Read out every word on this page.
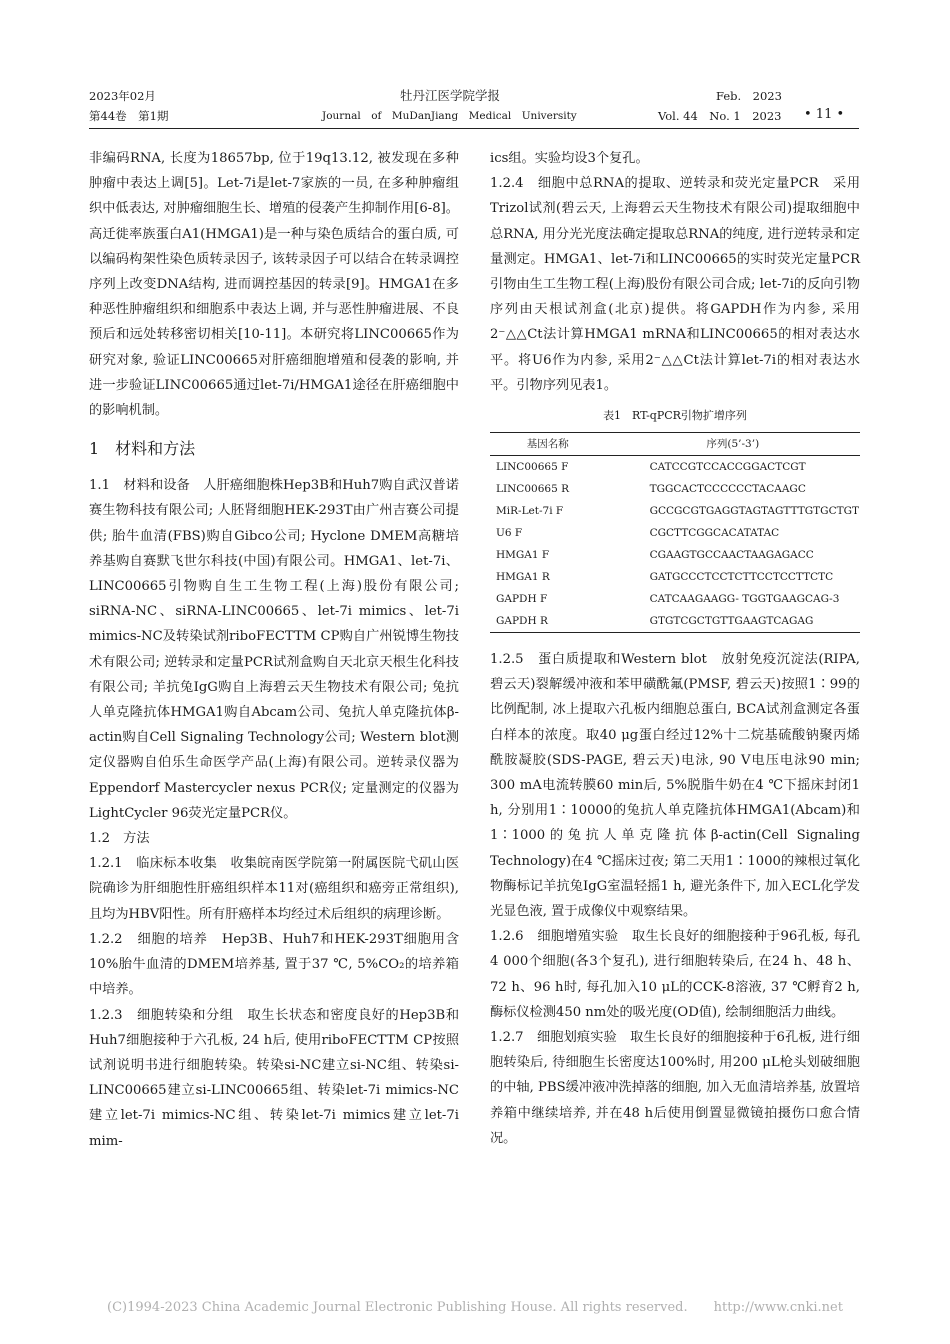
2023年02月
第44卷　第1期
牡丹江医学院学报
Journal　of　MuDanJiang　Medical　University
Feb.　2023
Vol. 44　No. 1　2023 • 11 •

非编码RNA, 长度为18657bp, 位于19q13.12, 被发现在多种肿瘤中表达上调[5]。Let-7i是let-7家族的一员, 在多种肿瘤组织中低表达, 对肿瘤细胞生长、增殖的侵袭产生抑制作用[6-8]。高迁徙率族蛋白A1(HMGA1)是一种与染色质结合的蛋白质, 可以编码构架性染色质转录因子, 该转录因子可以结合在转录调控序列上改变DNA结构, 进而调控基因的转录[9]。HMGA1在多种恶性肿瘤组织和细胞系中表达上调, 并与恶性肿瘤进展、不良预后和远处转移密切相关[10-11]。本研究将LINC00665作为研究对象, 验证LINC00665对肝癌细胞增殖和侵袭的影响, 并进一步验证LINC00665通过let-7i/HMGA1途径在肝癌细胞中的影响机制。

1　材料和方法

1.1　材料和设备　 人肝癌细胞株Hep3B和Huh7购自武汉普诺赛生物科技有限公司; 人胚肾细胞HEK-293T由广州吉赛公司提供; 胎牛血清(FBS)购自Gibco公司; Hyclone DMEM高糖培养基购自赛默飞世尔科技(中国)有限公司。HMGA1、let-7i、LINC00665引物购自生工生物工程(上海)股份有限公司; siRNA-NC、siRNA-LINC00665、let-7i mimics、let-7i mimics-NC及转染试剂riboFECTTM CP购自广州锐博生物技术有限公司; 逆转录和定量PCR试剂盒购自天北京天根生化科技有限公司; 羊抗兔IgG购自上海碧云天生物技术有限公司; 兔抗人单克隆抗体HMGA1购自Abcam公司、兔抗人单克隆抗体β-actin购自Cell Signaling Technology公司; Western blot测定仪器购自伯乐生命医学产品(上海)有限公司。逆转录仪器为Eppendorf Mastercycler nexus PCR仪; 定量测定的仪器为LightCycler 96荧光定量PCR仪。

1.2　方法

1.2.1　临床标本收集　 收集皖南医学院第一附属医院弋矶山医院确诊为肝细胞性肝癌组织样本11对(癌组织和癌旁正常组织), 且均为HBV阳性。所有肝癌样本均经过术后组织的病理诊断。

1.2.2　细胞的培养　 Hep3B、Huh7和HEK-293T细胞用含10%胎牛血清的DMEM培养基, 置于37 ℃, 5%CO₂的培养箱中培养。

1.2.3　细胞转染和分组　 取生长状态和密度良好的Hep3B和Huh7细胞接种于六孔板, 24 h后, 使用riboFECTTM CP按照试剂说明书进行细胞转染。转染si-NC建立si-NC组、转染si-LINC00665建立si-LINC00665组、转染let-7i mimics-NC建立let-7i mimics-NC组、转染let-7i mimics建立let-7i mim-

ics组。实验均设3个复孔。

1.2.4　细胞中总RNA的提取、逆转录和荧光定量PCR　 采用Trizol试剂(碧云天, 上海碧云天生物技术有限公司)提取细胞中总RNA, 用分光光度法确定提取总RNA的纯度, 进行逆转录和定量测定。HMGA1、let-7i和LINC00665的实时荧光定量PCR引物由生工生物工程(上海)股份有限公司合成; let-7i的反向引物序列由天根试剂盒(北京)提供。将GAPDH作为内参, 采用2⁻△△Ct法计算HMGA1 mRNA和LINC00665的相对表达水平。将U6作为内参, 采用2⁻△△Ct法计算let-7i的相对表达水平。引物序列见表1。

表1　RT-qPCR引物扩增序列
基因名称	序列(5’-3’)
LINC00665 F	CATCCGTCCACCGGACTCGT
LINC00665 R	TGGCACTCCCCCCTACAAGC
MiR-Let-7i F	GCCGCGTGAGGTAGTAGTTTGTGCTGT
U6 F	CGCTTCGGCACATATAC
HMGA1 F	CGAAGTGCCAACTAAGAGACC
HMGA1 R	GATGCCCTCCTCTTCCTCCTTCTC
GAPDH F	CATCAAGAAGG- TGGTGAAGCAG-3
GAPDH R	GTGTCGCTGTTGAAGTCAGAG

1.2.5　蛋白质提取和Western blot　 放射免疫沉淀法(RIPA, 碧云天)裂解缓冲液和苯甲磺酰氟(PMSF, 碧云天)按照1∶99的比例配制, 冰上提取六孔板内细胞总蛋白, BCA试剂盒测定各蛋白样本的浓度。取40 μg蛋白经过12%十二烷基硫酸钠聚丙烯酰胺凝胶(SDS-PAGE, 碧云天)电泳, 90 V电压电泳90 min; 300 mA电流转膜60 min后, 5%脱脂牛奶在4 ℃下摇床封闭1 h, 分别用1∶10000的兔抗人单克隆抗体HMGA1(Abcam)和1∶1000的兔抗人单克隆抗体β-actin(Cell Signaling Technology)在4 ℃摇床过夜; 第二天用1∶1000的辣根过氧化物酶标记羊抗兔IgG室温轻摇1 h, 避光条件下, 加入ECL化学发光显色液, 置于成像仪中观察结果。

1.2.6　细胞增殖实验　 取生长良好的细胞接种于96孔板, 每孔4 000个细胞(各3个复孔), 进行细胞转染后, 在24 h、48 h、72 h、96 h时, 每孔加入10 μL的CCK-8溶液, 37 ℃孵育2 h, 酶标仪检测450 nm处的吸光度(OD值), 绘制细胞活力曲线。

1.2.7　细胞划痕实验　 取生长良好的细胞接种于6孔板, 进行细胞转染后, 待细胞生长密度达100%时, 用200 μL枪头划破细胞的中轴, PBS缓冲液冲洗掉落的细胞, 加入无血清培养基, 放置培养箱中继续培养, 并在48 h后使用倒置显微镜拍摄伤口愈合情况。

(C)1994-2023 China Academic Journal Electronic Publishing House. All rights reserved.　　http://www.cnki.net
